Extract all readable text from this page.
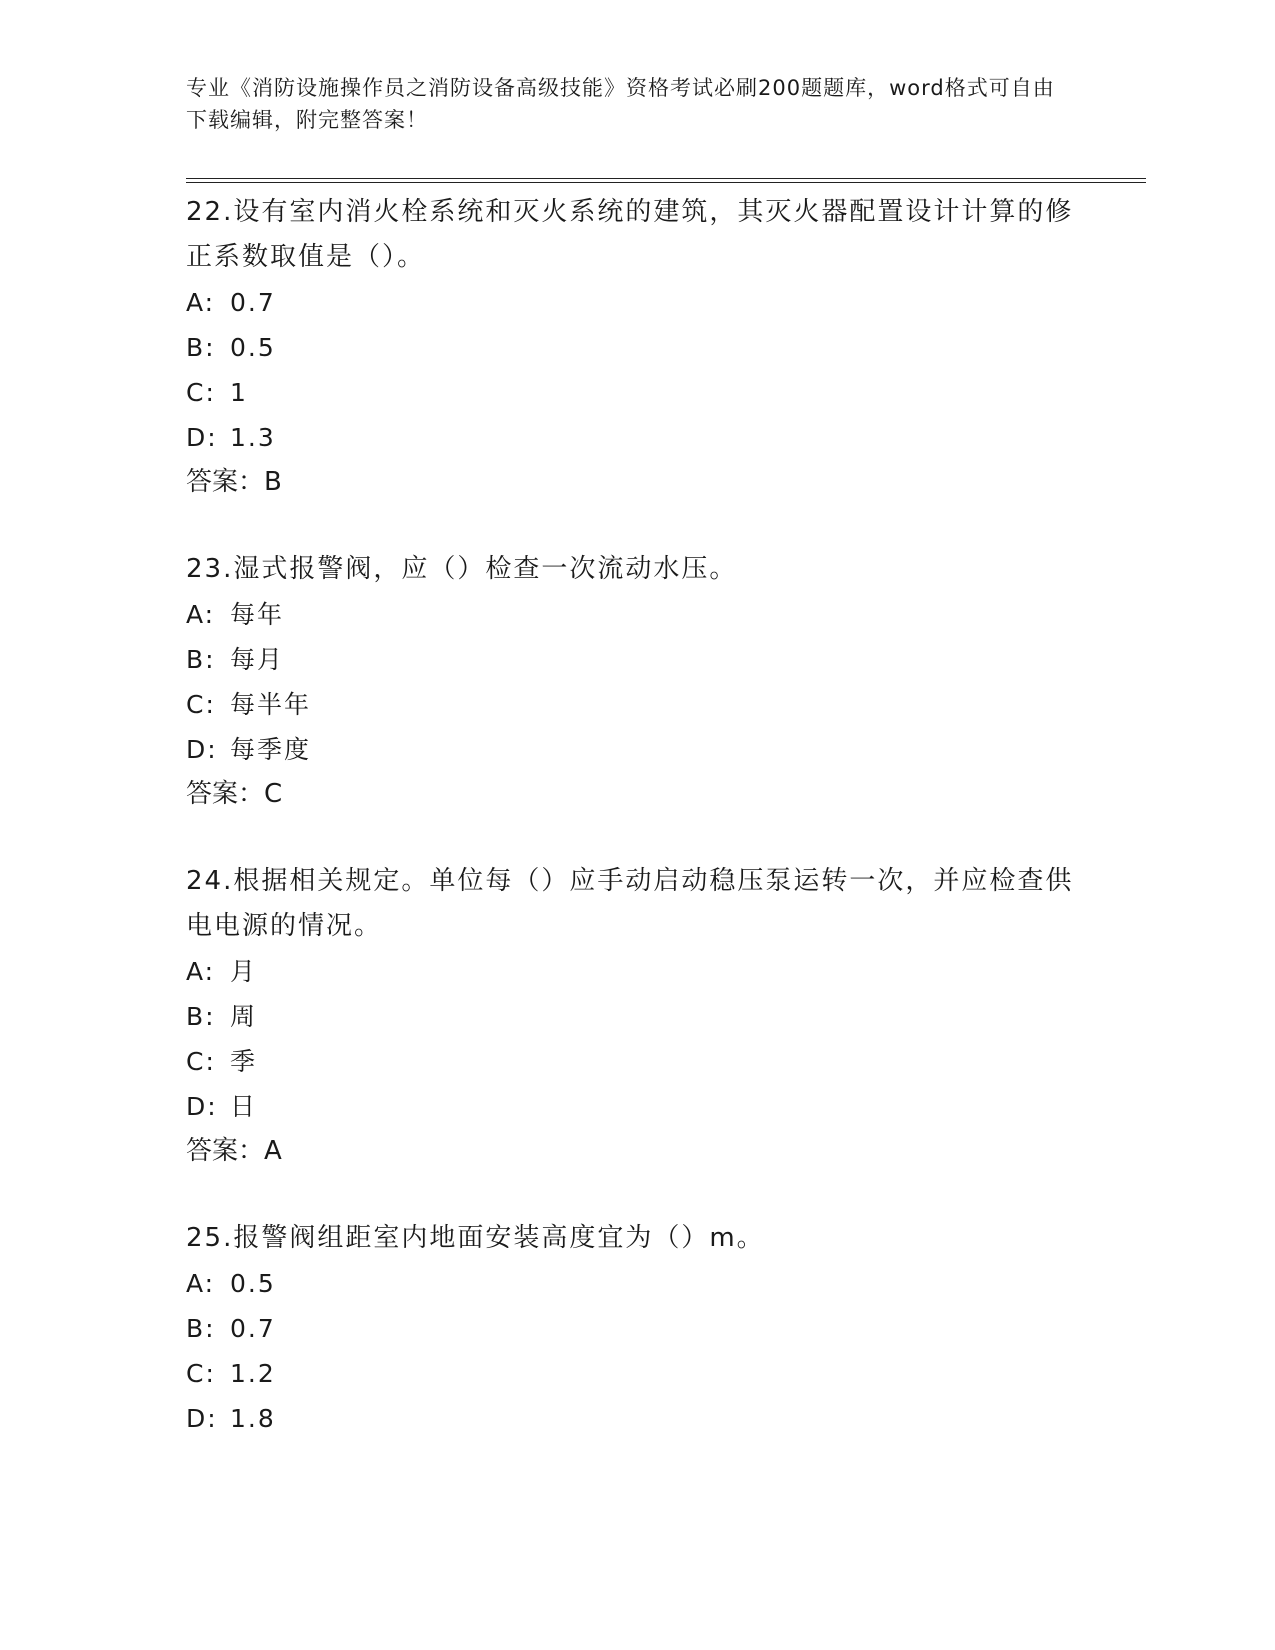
专业《消防设施操作员之消防设备高级技能》资格考试必刷200题题库，word格式可自由下载编辑，附完整答案！

22.设有室内消火栓系统和灭火系统的建筑，其灭火器配置设计计算的修正系数取值是（）。

A: 0.7

B: 0.5

C: 1

D: 1.3

答案：B

23.湿式报警阀，应（）检查一次流动水压。

A: 每年

B: 每月

C: 每半年

D: 每季度

答案：C

24.根据相关规定。单位每（）应手动启动稳压泵运转一次，并应检查供电电源的情况。

A: 月

B: 周

C: 季

D: 日

答案：A

25.报警阀组距室内地面安装高度宜为（）m。

A: 0.5

B: 0.7

C: 1.2

D: 1.8
